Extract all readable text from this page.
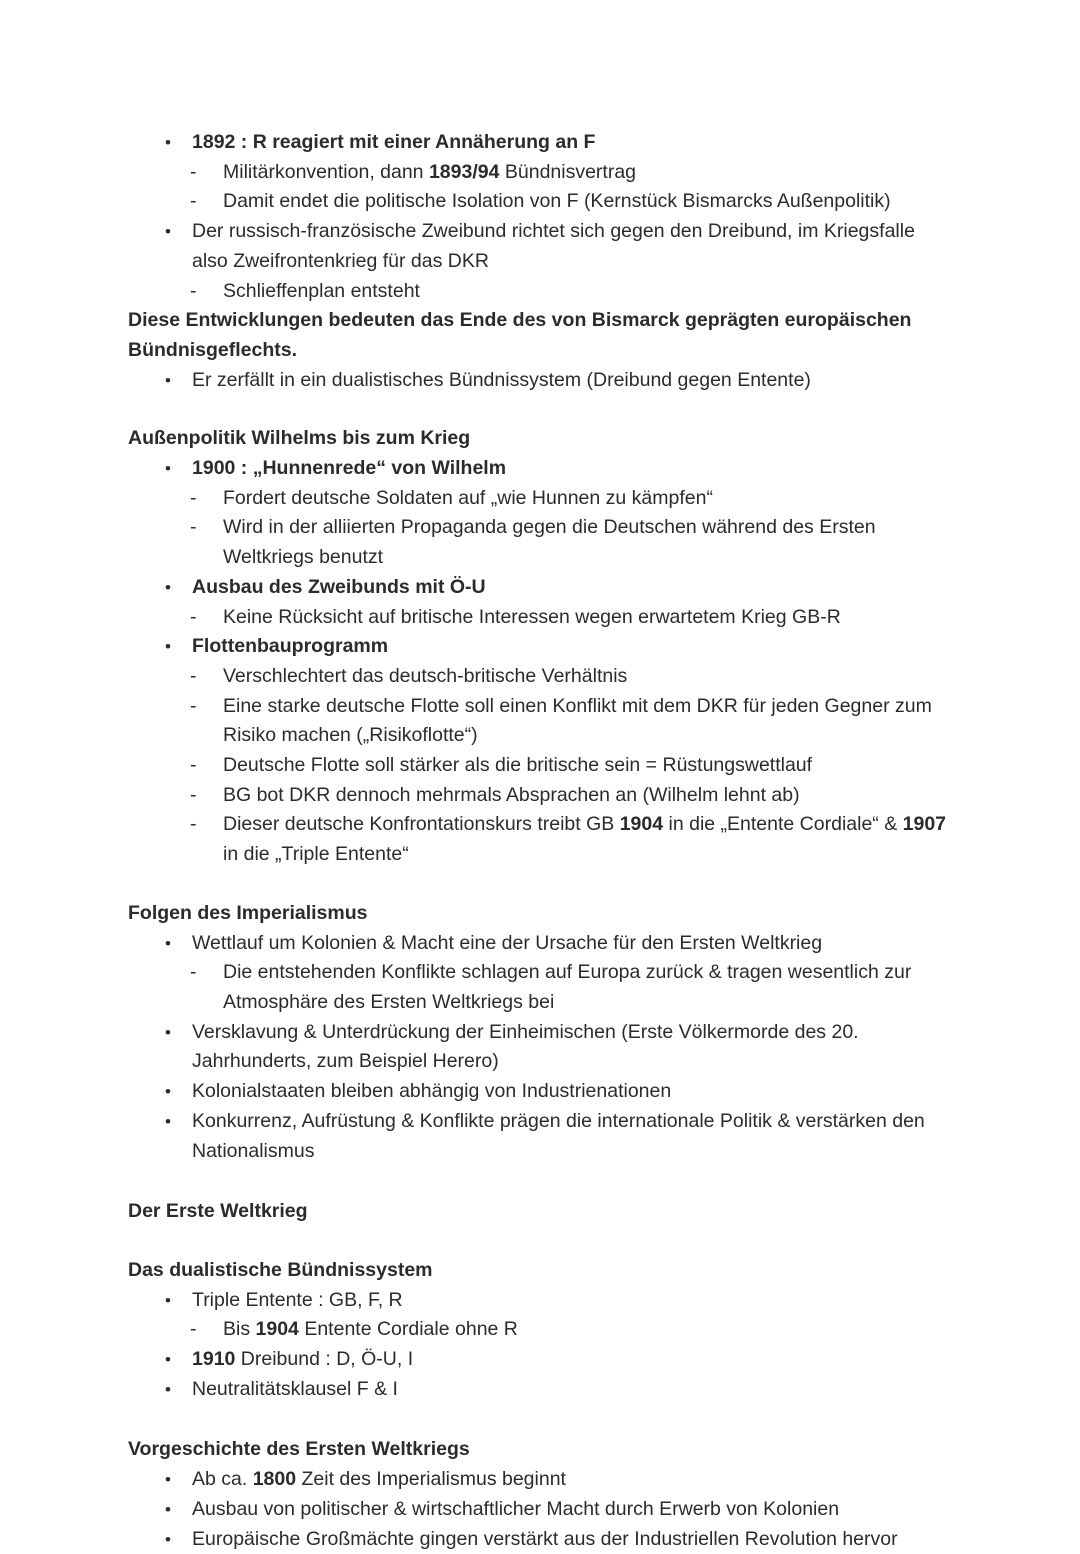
•	1892 : R reagiert mit einer Annäherung an F
-	Militärkonvention, dann 1893/94 Bündnisvertrag
-	Damit endet die politische Isolation von F (Kernstück Bismarcks Außenpolitik)
•	Der russisch-französische Zweibund richtet sich gegen den Dreibund, im Kriegsfalle also Zweifrontenkrieg für das DKR
-	Schlieffenplan entsteht

Diese Entwicklungen bedeuten das Ende des von Bismarck geprägten europäischen Bündnisgeflechts.

•	Er zerfällt in ein dualistisches Bündnissystem (Dreibund gegen Entente)
Außenpolitik Wilhelms bis zum Krieg
•	1900 : „Hunnenrede“ von Wilhelm
-	Fordert deutsche Soldaten auf „wie Hunnen zu kämpfen“
-	Wird in der alliierten Propaganda gegen die Deutschen während des Ersten Weltkriegs benutzt
•	Ausbau des Zweibunds mit Ö-U
-	Keine Rücksicht auf britische Interessen wegen erwartetem Krieg GB-R
•	Flottenbauprogramm
-	Verschlechtert das deutsch-britische Verhältnis
-	Eine starke deutsche Flotte soll einen Konflikt mit dem DKR für jeden Gegner zum Risiko machen („Risikoflotte“)
-	Deutsche Flotte soll stärker als die britische sein = Rüstungswettlauf
-	BG bot DKR dennoch mehrmals Absprachen an (Wilhelm lehnt ab)
-	Dieser deutsche Konfrontationskurs treibt GB 1904 in die „Entente Cordiale“ & 1907 in die „Triple Entente“
Folgen des Imperialismus
•	Wettlauf um Kolonien & Macht eine der Ursache für den Ersten Weltkrieg
-	Die entstehenden Konflikte schlagen auf Europa zurück & tragen wesentlich zur Atmosphäre des Ersten Weltkriegs bei
•	Versklavung & Unterdrückung der Einheimischen (Erste Völkermorde des 20. Jahrhunderts, zum Beispiel Herero)
•	Kolonialstaaten bleiben abhängig von Industrienationen
•	Konkurrenz, Aufrüstung & Konflikte prägen die internationale Politik & verstärken den Nationalismus
Der Erste Weltkrieg
Das dualistische Bündnissystem
•	Triple Entente : GB, F, R
-	Bis 1904 Entente Cordiale ohne R
•	1910 Dreibund : D, Ö-U, I
•	Neutralitätsklausel F & I
Vorgeschichte des Ersten Weltkriegs
•	Ab ca. 1800 Zeit des Imperialismus beginnt
•	Ausbau von politischer & wirtschaftlicher Macht durch Erwerb von Kolonien
•	Europäische Großmächte gingen verstärkt aus der Industriellen Revolution hervor
